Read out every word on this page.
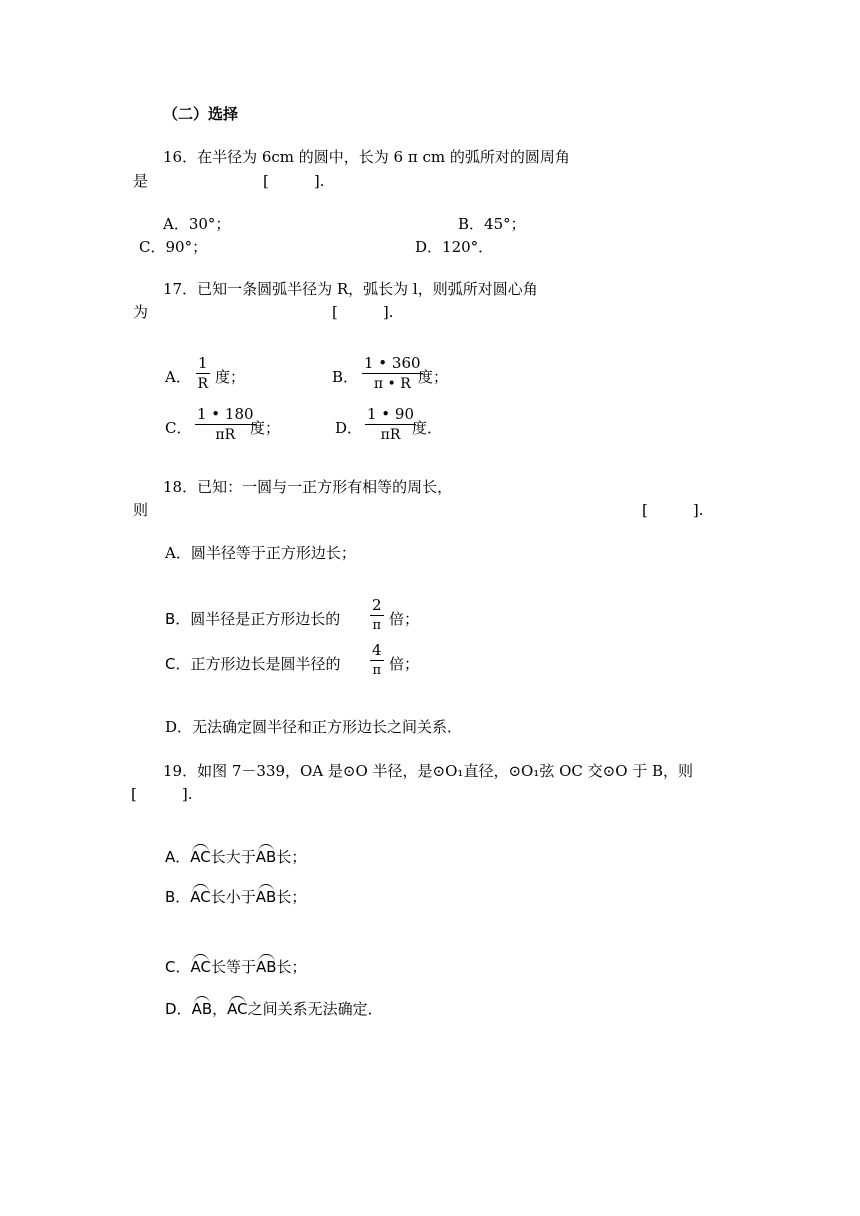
（二）选择
16．在半径为 6cm 的圆中，长为 6 π cm 的弧所对的圆周角
是	[　　　].
A．30°；	B．45°；
C．90°；	D．120°．
17．已知一条圆弧半径为 R，弧长为 l，则弧所对圆心角
为	[　　　].
A．
1
R 度；	B．
1 • 360
π • R 度；
C．
1 • 180
πR 度；	D．
1 • 90
πR 度．
18．已知：一圆与一正方形有相等的周长，
则	[　　　].
A．圆半径等于正方形边长；
B．圆半径是正方形边长的
2
π 倍；
C．正方形边长是圆半径的
4
π 倍；
D．无法确定圆半径和正方形边长之间关系．
19．如图 7－339，OA 是⊙O 半径，是⊙O₁直径，⊙O₁弦 OC 交⊙O 于 B，则
[　　　].
A．AC长大于AB长；
B．AC长小于AB长；
C．AC长等于AB长；
D．AB，AC之间关系无法确定．
